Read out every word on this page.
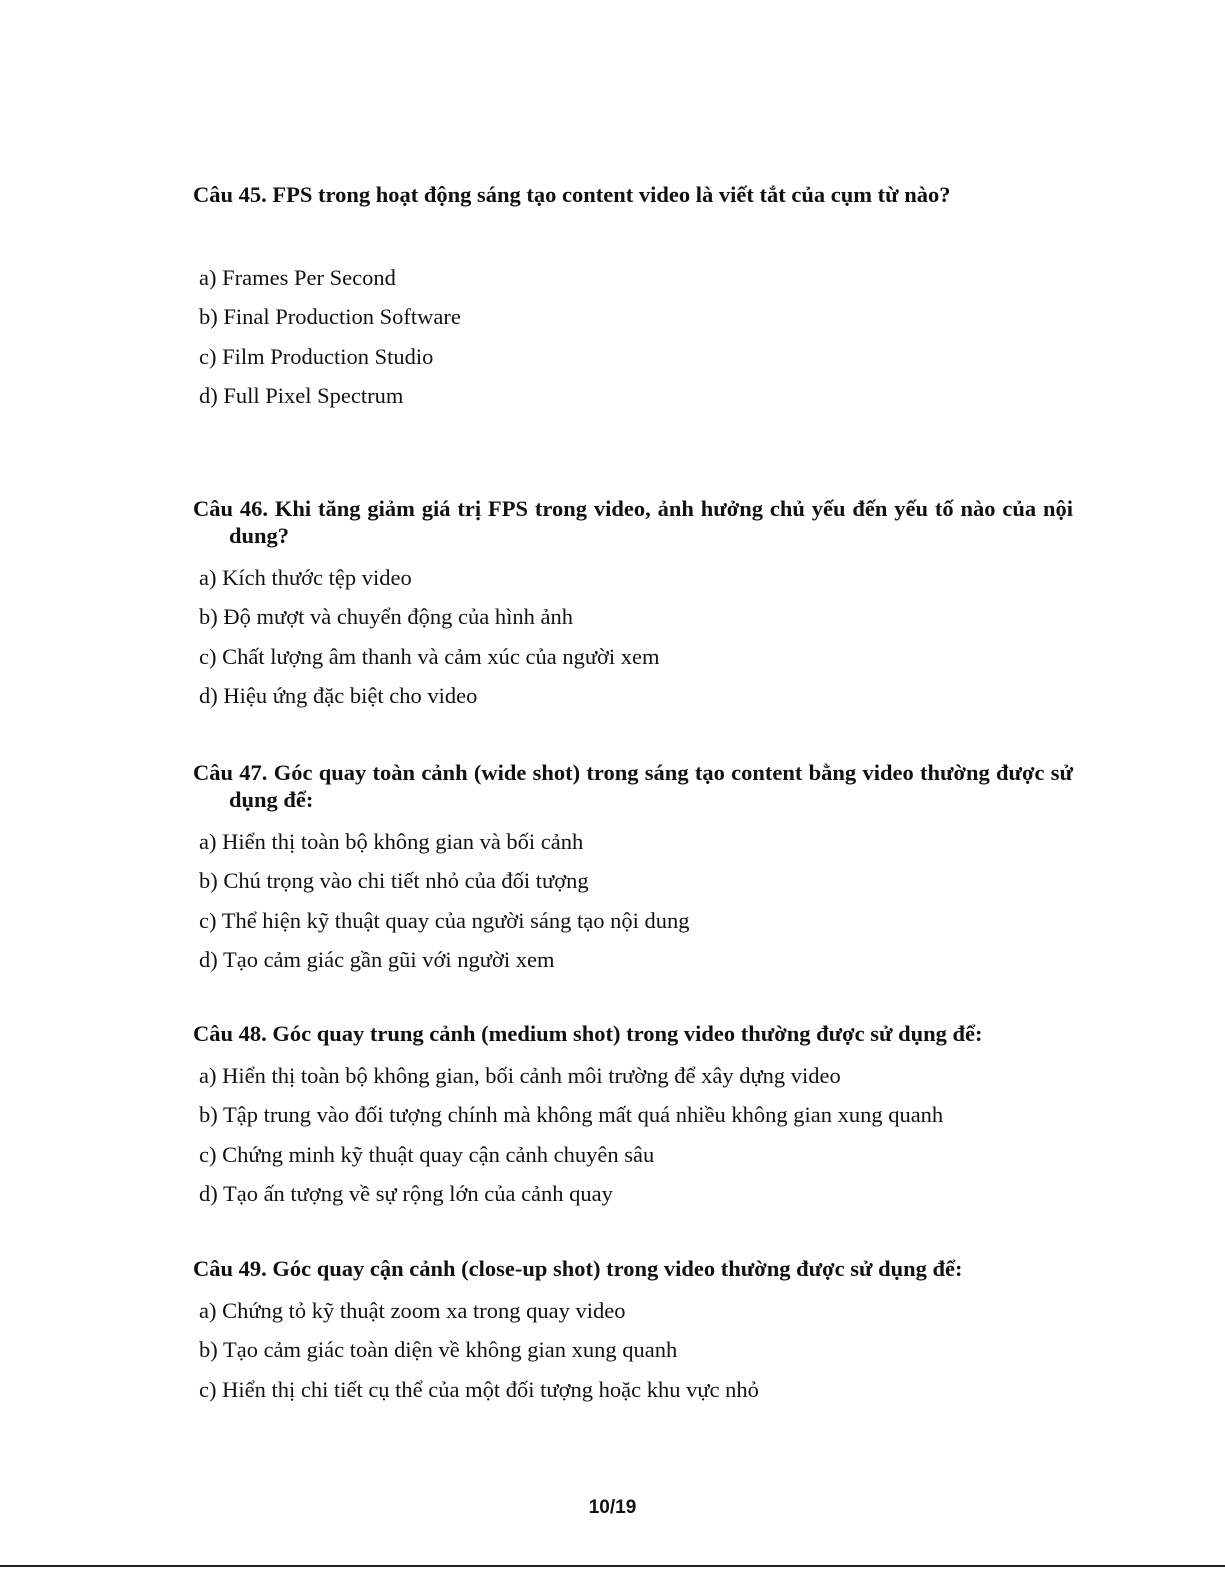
Câu 45. FPS trong hoạt động sáng tạo content video là viết tắt của cụm từ nào?

a) Frames Per Second
b) Final Production Software
c) Film Production Studio
d) Full Pixel Spectrum

Câu 46. Khi tăng giảm giá trị FPS trong video, ảnh hưởng chủ yếu đến yếu tố nào của nội dung?

a) Kích thước tệp video
b) Độ mượt và chuyển động của hình ảnh
c) Chất lượng âm thanh và cảm xúc của người xem
d) Hiệu ứng đặc biệt cho video

Câu 47. Góc quay toàn cảnh (wide shot) trong sáng tạo content bằng video thường được sử dụng để:

a) Hiển thị toàn bộ không gian và bối cảnh
b) Chú trọng vào chi tiết nhỏ của đối tượng
c) Thể hiện kỹ thuật quay của người sáng tạo nội dung
d) Tạo cảm giác gần gũi với người xem

Câu 48. Góc quay trung cảnh (medium shot) trong video thường được sử dụng để:

a) Hiển thị toàn bộ không gian, bối cảnh môi trường để xây dựng video
b) Tập trung vào đối tượng chính mà không mất quá nhiều không gian xung quanh
c) Chứng minh kỹ thuật quay cận cảnh chuyên sâu
d) Tạo ấn tượng về sự rộng lớn của cảnh quay

Câu 49. Góc quay cận cảnh (close-up shot) trong video thường được sử dụng để:

a) Chứng tỏ kỹ thuật zoom xa trong quay video
b) Tạo cảm giác toàn diện về không gian xung quanh
c) Hiển thị chi tiết cụ thể của một đối tượng hoặc khu vực nhỏ
10/19
